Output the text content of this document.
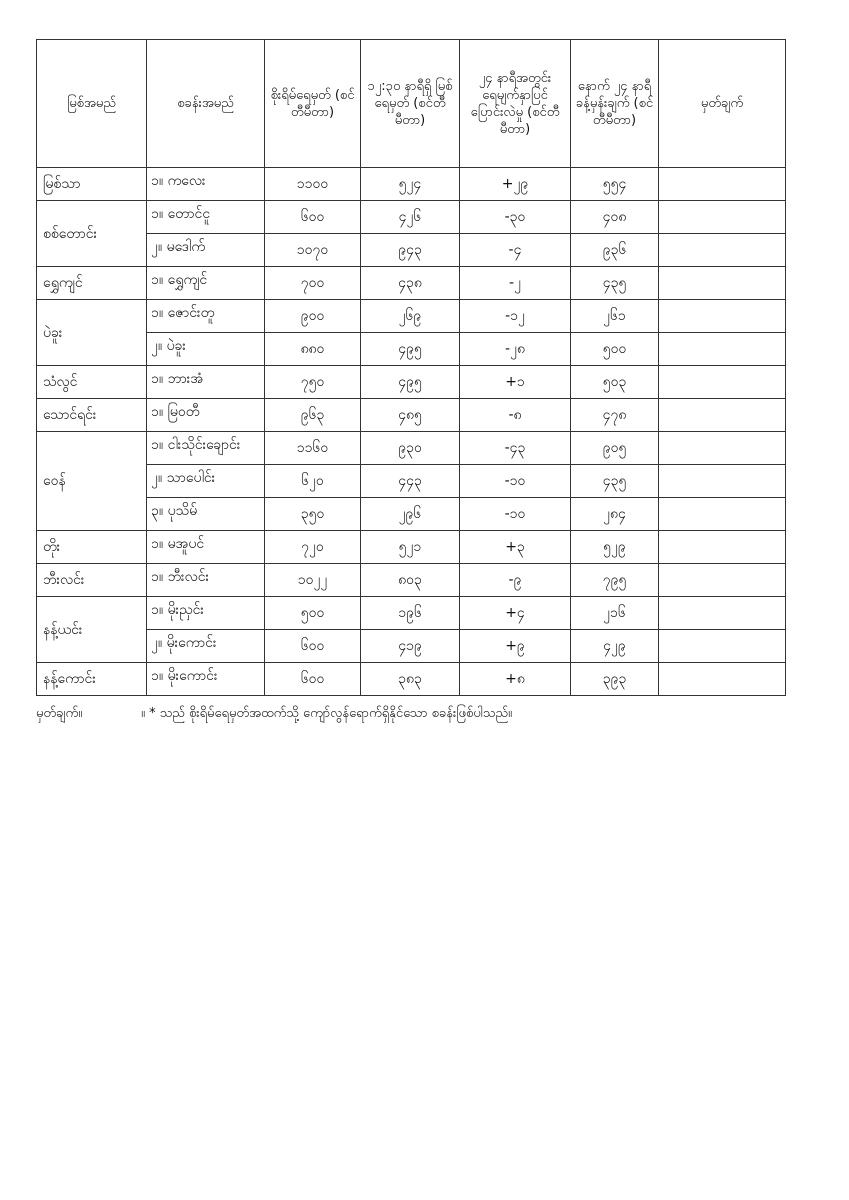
မြစ်အမည်	စခန်းအမည်	စိုးရိမ်ရေမှတ် (စင်တီမီတာ)	၁၂:၃၀ နာရီရှိ မြစ်ရေမှတ် (စင်တီမီတာ)	၂၄ နာရီအတွင်း ရေမျက်နှာပြင် ပြောင်းလဲမှု (စင်တီမီတာ)	နောက် ၂၄ နာရီ ခန့်မှန်းချက် (စင်တီမီတာ)	မှတ်ချက်
မြစ်သာ	၁။ ကလေး	၁၁၀၀	၅၂၄	+၂၉	၅၅၄	
စစ်တောင်း	၁။ တောင်ငူ	၆၀၀	၄၂၆	-၃၀	၄၀၈	
	၂။ မဒေါက်	၁၀၇၀	၉၄၃	-၄	၉၃၆	
ရွှေကျင်	၁။ ရွှေကျင်	၇၀၀	၄၃၈	-၂	၄၃၅	
ပဲခူး	၁။ ဇောင်းတူ	၉၀၀	၂၆၉	-၁၂	၂၆၁	
	၂။ ပဲခူး	၈၈၀	၄၉၅	-၂၈	၅၀၀	
သံလွင်	၁။ ဘားအံ	၇၅၀	၄၉၅	+၁	၅၀၃	
သောင်ရင်း	၁။ မြဝတီ	၉၆၃	၄၈၅	-၈	၄၇၈	
ဝေန်	၁။ ငါးသိုင်းချောင်း	၁၁၆၀	၉၃၀	-၄၃	၉၀၅	
	၂။ သာပေါင်း	၆၂၀	၄၄၃	-၁၀	၄၃၅	
	၃။ ပုသိမ်	၃၅၀	၂၉၆	-၁၀	၂၈၄	
တိုး	၁။ မအူပင်	၇၂၀	၅၂၁	+၃	၅၂၉	
ဘီးလင်း	၁။ ဘီးလင်း	၁၀၂၂	၈၀၃	-၉	၇၉၅	
နန့်ယင်း	၁။ မိုးညှင်း	၅၀၀	၁၉၆	+၄	၂၁၆	
	၂။ မိုးကောင်း	၆၀၀	၄၁၉	+၉	၄၂၉	
နန့်ကောင်း	၁။ မိုးကောင်း	၆၀၀	၃၈၃	+၈	၃၉၃	
မှတ်ချက်။	။ * သည် စိုးရိမ်ရေမှတ်အထက်သို့ ကျော်လွန်ရောက်ရှိနိုင်သော စခန်းဖြစ်ပါသည်။
